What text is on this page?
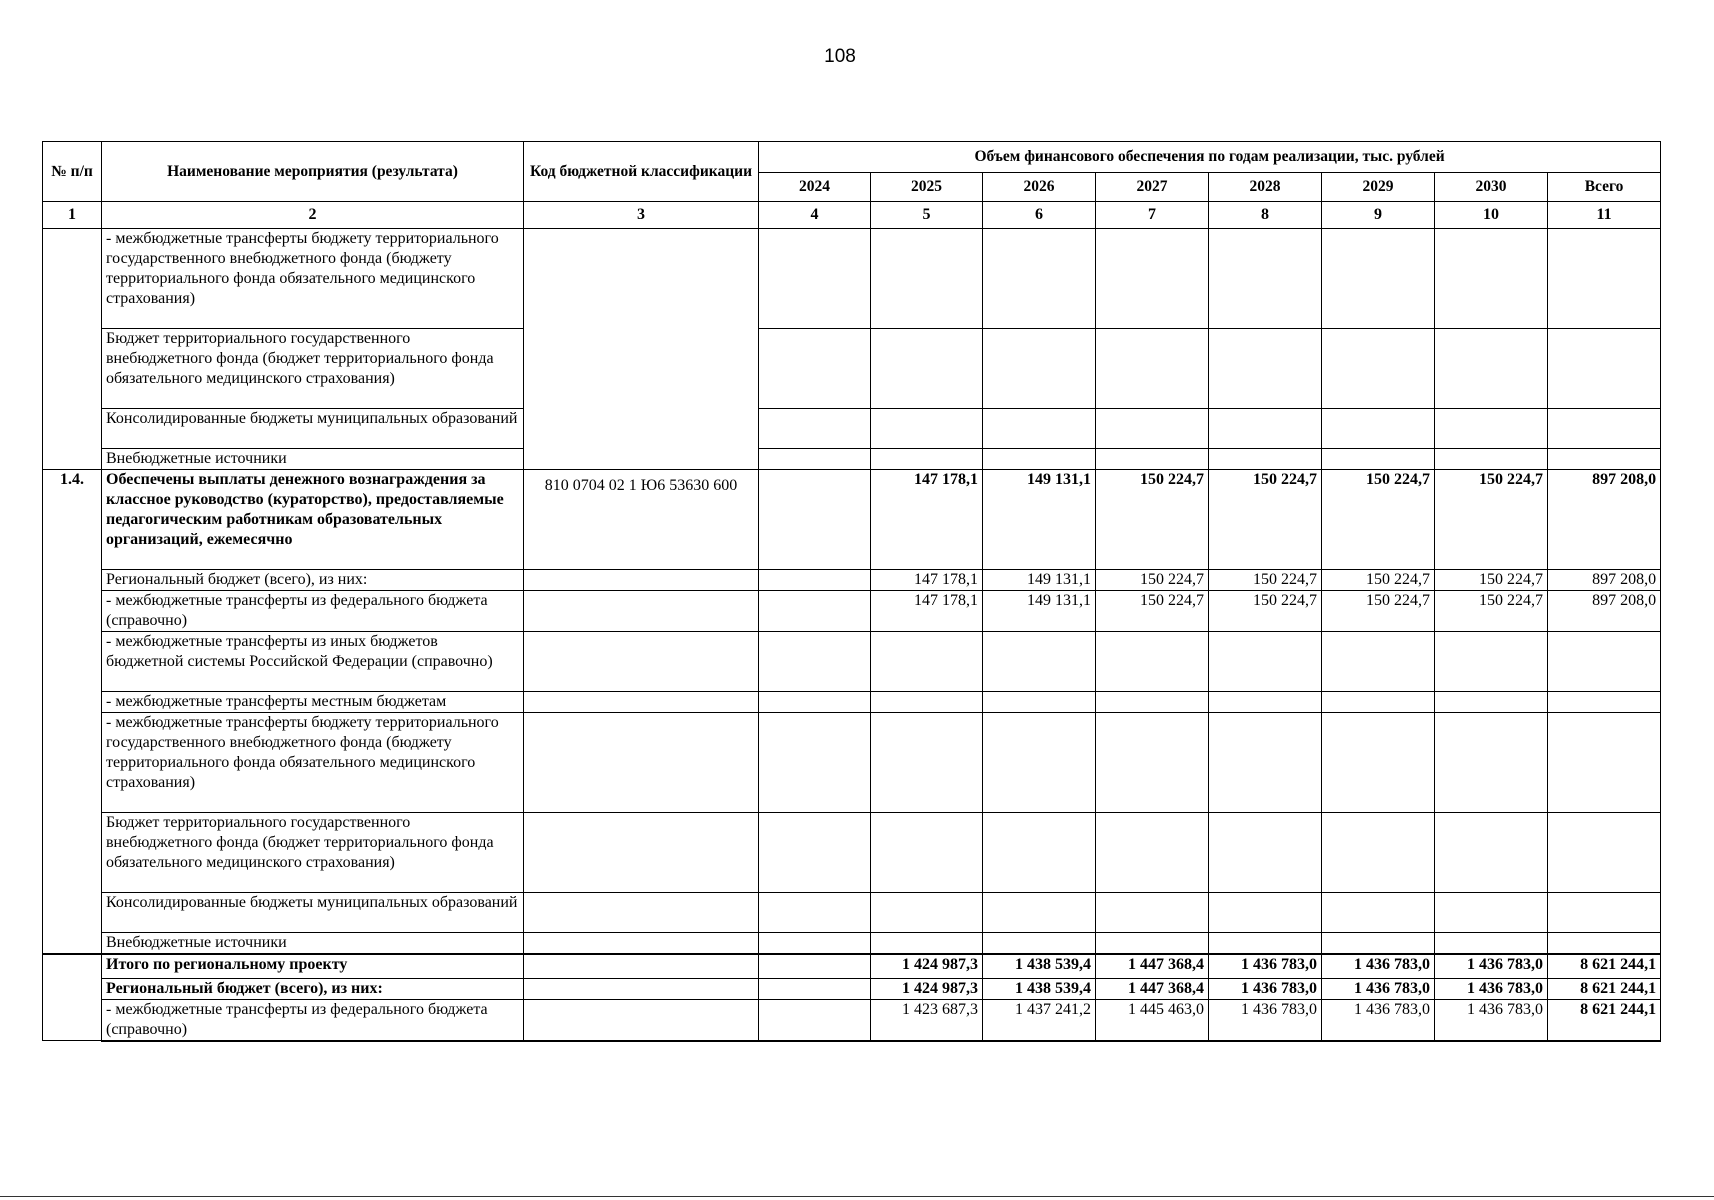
108
№ п/п	Наименование мероприятия (результата)	Код бюджетной классификации	Объем финансового обеспечения по годам реализации, тыс. рублей							
			2024	2025	2026	2027	2028	2029	2030	Всего
1	2	3	4	5	6	7	8	9	10	11
	- межбюджетные трансферты бюджету территориального государственного внебюджетного фонда (бюджету территориального фонда обязательного медицинского страхования)									
	Бюджет территориального государственного внебюджетного фонда (бюджет территориального фонда обязательного медицинского страхования)									
	Консолидированные бюджеты муниципальных образований									
	Внебюджетные источники									
1.4.	Обеспечены выплаты денежного вознаграждения за классное руководство (кураторство), предоставляемые педагогическим работникам образовательных организаций, ежемесячно	810 0704 02 1 Ю6 53630 600		147 178,1	149 131,1	150 224,7	150 224,7	150 224,7	150 224,7	897 208,0
	Региональный бюджет (всего), из них:			147 178,1	149 131,1	150 224,7	150 224,7	150 224,7	150 224,7	897 208,0
	- межбюджетные трансферты из федерального бюджета (справочно)			147 178,1	149 131,1	150 224,7	150 224,7	150 224,7	150 224,7	897 208,0
	- межбюджетные трансферты из иных бюджетов бюджетной системы Российской Федерации (справочно)									
	- межбюджетные трансферты местным бюджетам									
	- межбюджетные трансферты бюджету территориального государственного внебюджетного фонда (бюджету территориального фонда обязательного медицинского страхования)									
	Бюджет территориального государственного внебюджетного фонда (бюджет территориального фонда обязательного медицинского страхования)									
	Консолидированные бюджеты муниципальных образований									
	Внебюджетные источники									
	Итого по региональному проекту			1 424 987,3	1 438 539,4	1 447 368,4	1 436 783,0	1 436 783,0	1 436 783,0	8 621 244,1
	Региональный бюджет (всего), из них:			1 424 987,3	1 438 539,4	1 447 368,4	1 436 783,0	1 436 783,0	1 436 783,0	8 621 244,1
	- межбюджетные трансферты из федерального бюджета (справочно)			1 423 687,3	1 437 241,2	1 445 463,0	1 436 783,0	1 436 783,0	1 436 783,0	8 621 244,1
